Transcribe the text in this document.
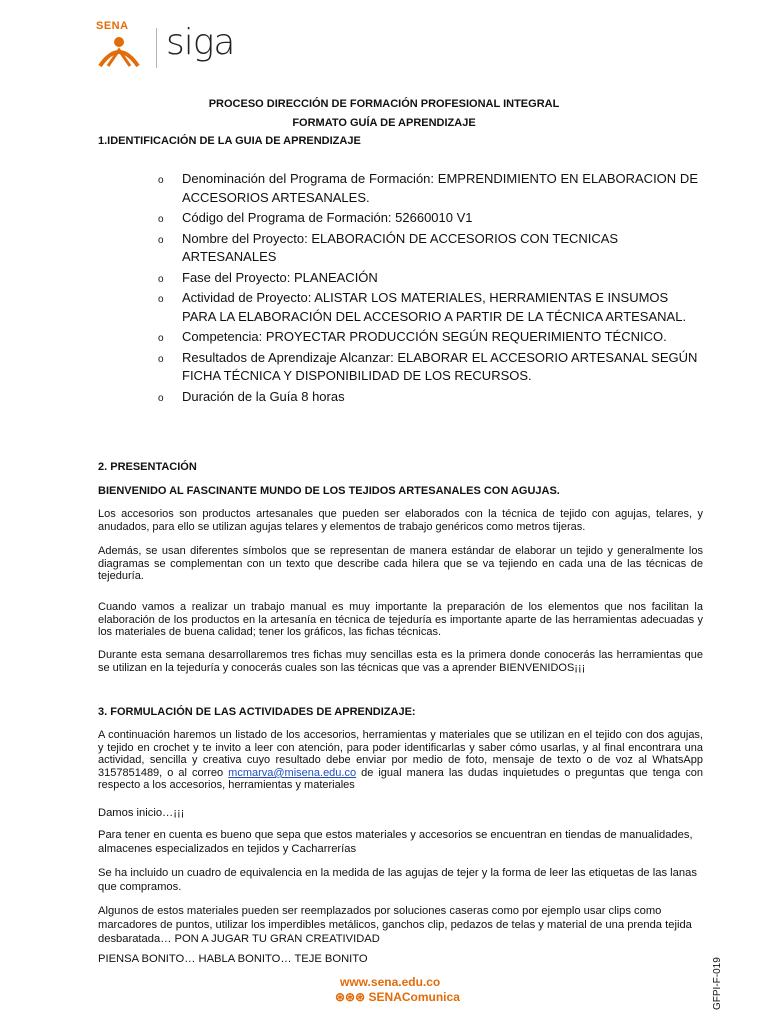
SENA siga
PROCESO DIRECCIÓN DE FORMACIÓN PROFESIONAL INTEGRAL
FORMATO GUÍA DE APRENDIZAJE
1.IDENTIFICACIÓN DE LA GUIA DE APRENDIZAJE
o Denominación del Programa de Formación: EMPRENDIMIENTO EN ELABORACION DE ACCESORIOS ARTESANALES.
o Código del Programa de Formación: 52660010 V1
o Nombre del Proyecto: ELABORACIÓN DE ACCESORIOS CON TECNICAS ARTESANALES
o Fase del Proyecto: PLANEACIÓN
o Actividad de Proyecto: ALISTAR LOS MATERIALES, HERRAMIENTAS E INSUMOS PARA LA ELABORACIÓN DEL ACCESORIO A PARTIR DE LA TÉCNICA ARTESANAL.
o Competencia: PROYECTAR PRODUCCIÓN SEGÚN REQUERIMIENTO TÉCNICO.
o Resultados de Aprendizaje Alcanzar: ELABORAR EL ACCESORIO ARTESANAL SEGÚN FICHA TÉCNICA Y DISPONIBILIDAD DE LOS RECURSOS.
o Duración de la Guía 8 horas
2. PRESENTACIÓN
BIENVENIDO AL FASCINANTE MUNDO DE LOS TEJIDOS ARTESANALES CON AGUJAS.
Los accesorios son productos artesanales que pueden ser elaborados con la técnica de tejido con agujas, telares, y anudados, para ello se utilizan agujas telares y elementos de trabajo genéricos como metros tijeras.
Además, se usan diferentes símbolos que se representan de manera estándar de elaborar un tejido y generalmente los diagramas se complementan con un texto que describe cada hilera que se va tejiendo en cada una de las técnicas de tejeduría.
Cuando vamos a realizar un trabajo manual es muy importante la preparación de los elementos que nos facilitan la elaboración de los productos en la artesanía en técnica de tejeduría es importante aparte de las herramientas adecuadas y los materiales de buena calidad; tener los gráficos, las fichas técnicas.
Durante esta semana desarrollaremos tres fichas muy sencillas esta es la primera donde conocerás las herramientas que se utilizan en la tejeduría y conocerás cuales son las técnicas que vas a aprender BIENVENIDOS¡¡¡
3. FORMULACIÓN DE LAS ACTIVIDADES DE APRENDIZAJE:
A continuación haremos un listado de los accesorios, herramientas y materiales que se utilizan en el tejido con dos agujas, y tejido en crochet y te invito a leer con atención, para poder identificarlas y saber cómo usarlas, y al final encontrara una actividad, sencilla y creativa cuyo resultado debe enviar por medio de foto, mensaje de texto o de voz al WhatsApp 3157851489, o al correo mcmarva@misena.edu.co de igual manera las dudas inquietudes o preguntas que tenga con respecto a los accesorios, herramientas y materiales
Damos inicio…¡¡¡
Para tener en cuenta es bueno que sepa que estos materiales y accesorios se encuentran en tiendas de manualidades, almacenes especializados en tejidos y Cacharrerías
Se ha incluido un cuadro de equivalencia en la medida de las agujas de tejer y la forma de leer las etiquetas de las lanas que compramos.
Algunos de estos materiales pueden ser reemplazados por soluciones caseras como por ejemplo usar clips como marcadores de puntos, utilizar los imperdibles metálicos, ganchos clip, pedazos de telas y material de una prenda tejida desbaratada… PON A JUGAR TU GRAN CREATIVIDAD
PIENSA BONITO… HABLA BONITO… TEJE BONITO
www.sena.edu.co
⊛⊛⊛ SENAComunica	GFPI-F-019
